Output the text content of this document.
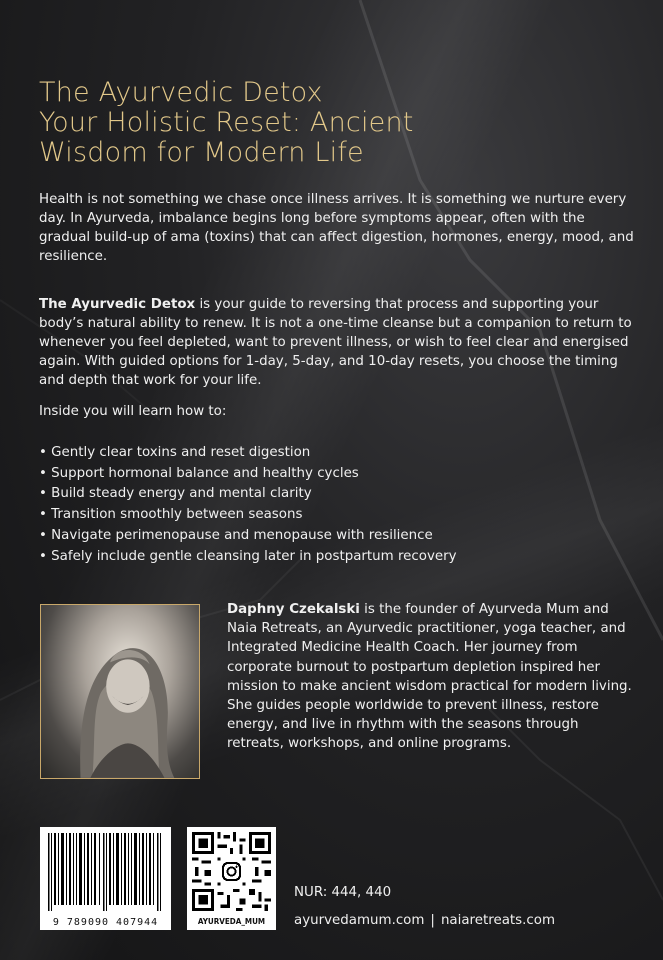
The Ayurvedic Detox
Your Holistic Reset: Ancient
Wisdom for Modern Life

Health is not something we chase once illness arrives. It is something we nurture every day. In Ayurveda, imbalance begins long before symptoms appear, often with the gradual build-up of ama (toxins) that can affect digestion, hormones, energy, mood, and resilience.

The Ayurvedic Detox is your guide to reversing that process and supporting your body’s natural ability to renew. It is not a one-time cleanse but a companion to return to whenever you feel depleted, want to prevent illness, or wish to feel clear and energised again. With guided options for 1-day, 5-day, and 10-day resets, you choose the timing and depth that work for your life.

Inside you will learn how to:

• Gently clear toxins and reset digestion
• Support hormonal balance and healthy cycles
• Build steady energy and mental clarity
• Transition smoothly between seasons
• Navigate perimenopause and menopause with resilience
• Safely include gentle cleansing later in postpartum recovery

Daphny Czekalski is the founder of Ayurveda Mum and Naia Retreats, an Ayurvedic practitioner, yoga teacher, and Integrated Medicine Health Coach. Her journey from corporate burnout to postpartum depletion inspired her mission to make ancient wisdom practical for modern living. She guides people worldwide to prevent illness, restore energy, and live in rhythm with the seasons through retreats, workshops, and online programs.

9 789090 407944	AYURVEDA_MUM

NUR: 444, 440

ayurvedamum.com | naiaretreats.com
